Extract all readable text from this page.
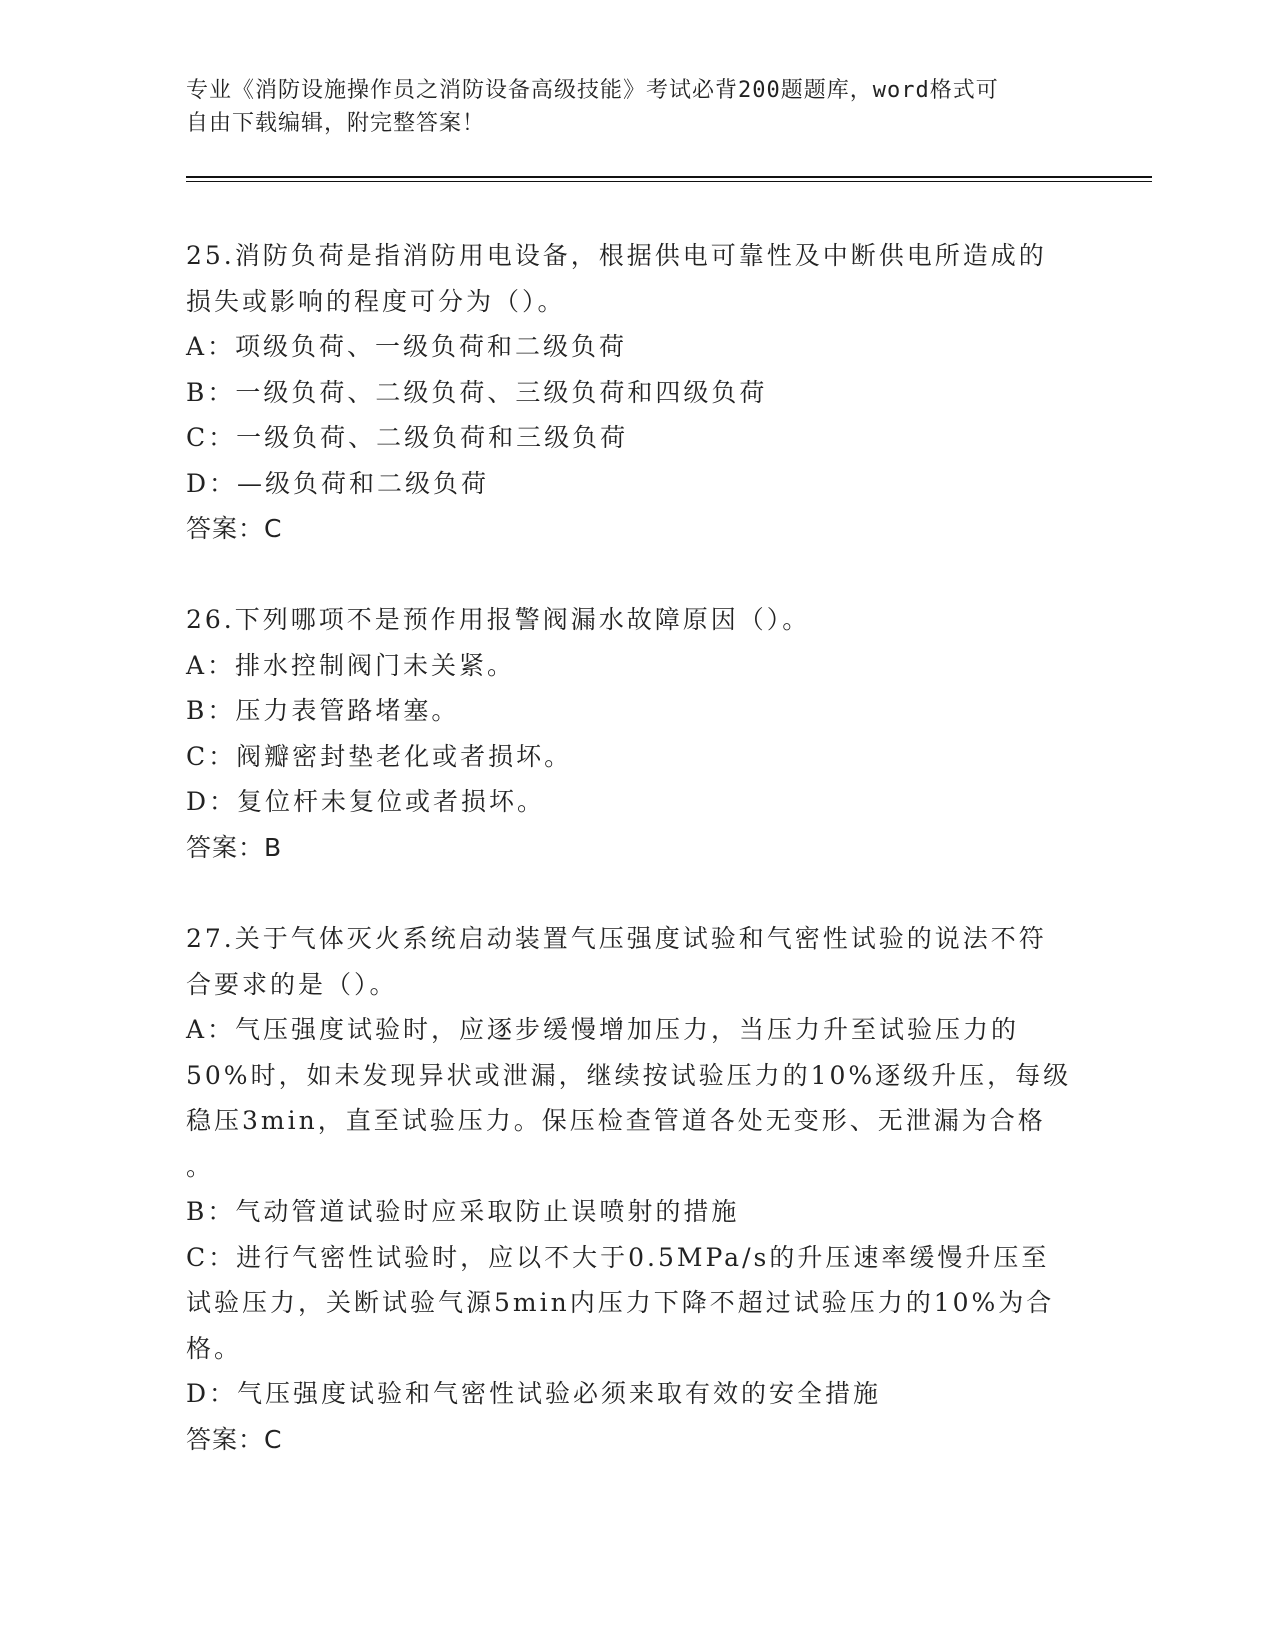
专业《消防设施操作员之消防设备高级技能》考试必背200题题库，word格式可
自由下载编辑，附完整答案！
25.消防负荷是指消防用电设备，根据供电可靠性及中断供电所造成的
损失或影响的程度可分为（）。
A：项级负荷、一级负荷和二级负荷
B：一级负荷、二级负荷、三级负荷和四级负荷
C：一级负荷、二级负荷和三级负荷
D：—级负荷和二级负荷
答案：C
26.下列哪项不是预作用报警阀漏水故障原因（）。
A：排水控制阀门未关紧。
B：压力表管路堵塞。
C：阀瓣密封垫老化或者损坏。
D：复位杆未复位或者损坏。
答案：B
27.关于气体灭火系统启动装置气压强度试验和气密性试验的说法不符
合要求的是（）。
A：气压强度试验时，应逐步缓慢增加压力，当压力升至试验压力的
50%时，如未发现异状或泄漏，继续按试验压力的10%逐级升压，每级
稳压3min，直至试验压力。保压检查管道各处无变形、无泄漏为合格
。
B：气动管道试验时应采取防止误喷射的措施
C：进行气密性试验时，应以不大于0.5MPa/s的升压速率缓慢升压至
试验压力，关断试验气源5min内压力下降不超过试验压力的10%为合
格。
D：气压强度试验和气密性试验必须来取有效的安全措施
答案：C
